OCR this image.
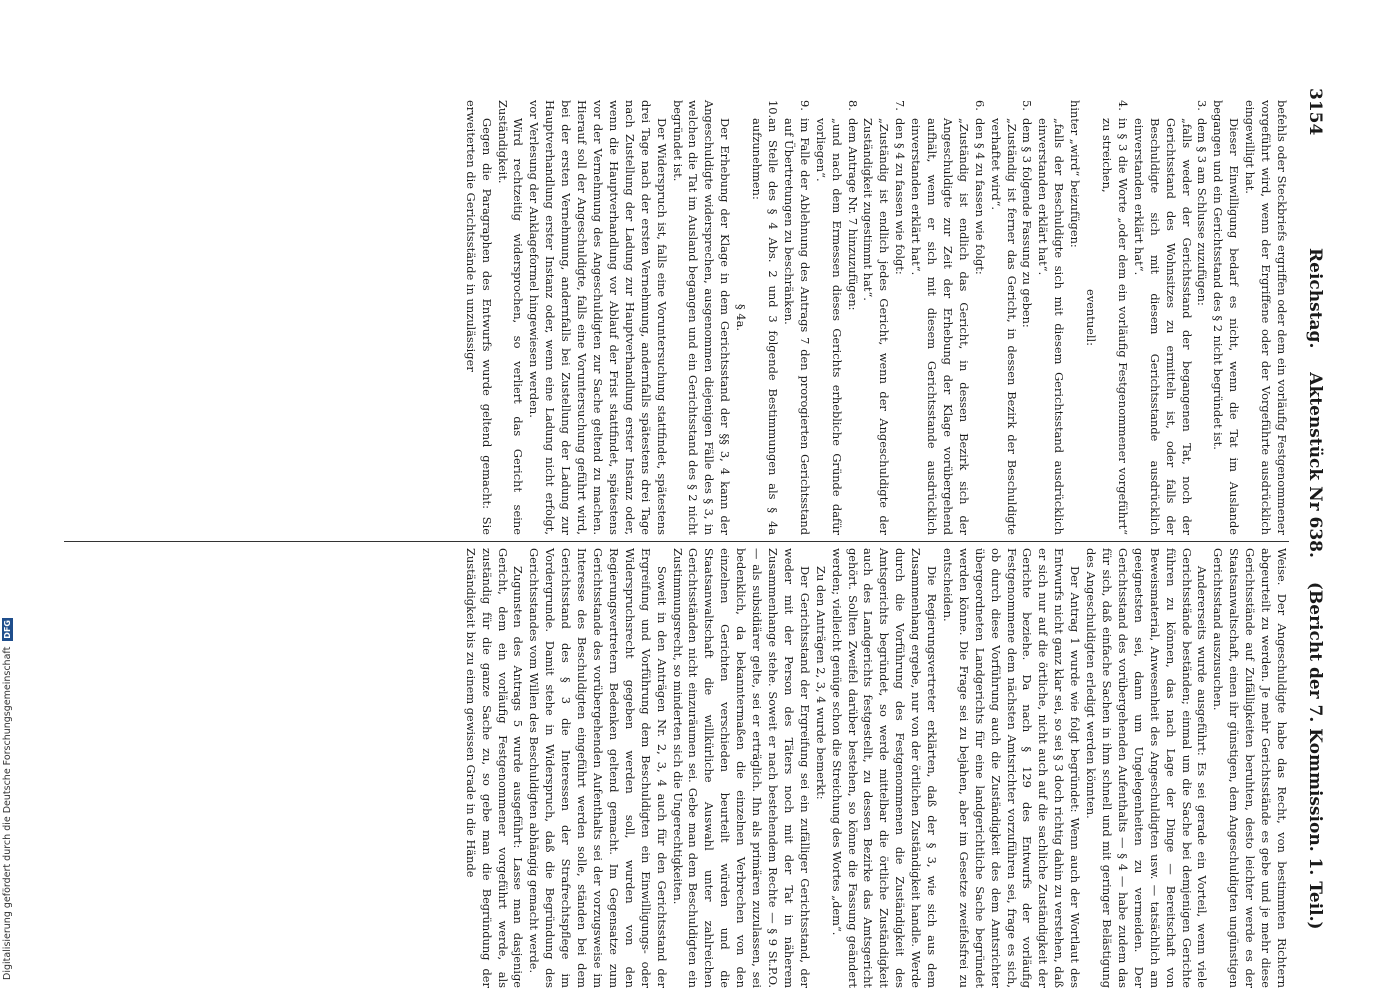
Digitalisierung gefördert durch die Deutsche ForschungsgemeinschaftDFG
3154
Reichstag. Aktenstück Nr 638. (Bericht der 7. Kommission. 1. Teil.)

befehls oder Steckbriefs ergriffen oder dem ein vorläufig Festgenommener vorgeführt wird, wenn der Ergriffene oder der Vorgeführte ausdrücklich eingewilligt hat.

Dieser Einwilligung bedarf es nicht, wenn die Tat im Auslande begangen und ein Gerichtsstand des § 2 nicht begründet ist.

3.
dem § 3 am Schlusse zuzufügen:

„falls weder der Gerichtsstand der begangenen Tat, noch der Gerichtsstand des Wohnsitzes zu ermitteln ist, oder falls der Beschuldigte sich mit diesem Gerichtsstande ausdrücklich einverstanden erklärt hat“.

4.
in § 3 die Worte „oder dem ein vorläufig Festgenommener vorgeführt“ zu streichen,

eventuell:

hinter „wird“ beizufügen:

„falls der Beschuldigte sich mit diesem Gerichtsstand ausdrücklich einverstanden erklärt hat“.

5.
dem § 3 folgende Fassung zu geben:

„Zuständig ist ferner das Gericht, in dessen Bezirk der Beschuldigte verhaftet wird“.

6.
den § 4 zu fassen wie folgt:

„Zuständig ist endlich das Gericht, in dessen Bezirk sich der Angeschuldigte zur Zeit der Erhebung der Klage vorübergehend aufhält, wenn er sich mit diesem Gerichtsstande ausdrücklich einverstanden erklärt hat“.

7.
den § 4 zu fassen wie folgt:

„Zuständig ist endlich jedes Gericht, wenn der Angeschuldigte der Zuständigkeit zugestimmt hat“.

8.
dem Antrage Nr. 7 hinzuzufügen:

„und nach dem Ermessen dieses Gerichts erhebliche Gründe dafür vorliegen“.

9.
im Falle der Ablehnung des Antrags 7 den prorogierten Gerichtsstand auf Übertretungen zu beschränken.

10.
an Stelle des § 4 Abs. 2 und 3 folgende Bestimmungen als § 4a aufzunehmen:

§ 4a.

Der Erhebung der Klage in dem Gerichtsstand der §§ 3, 4 kann der Angeschuldigte widersprechen, ausgenommen diejenigen Fälle des § 3, in welchen die Tat im Ausland begangen und ein Gerichtsstand des § 2 nicht begründet ist.

Der Widerspruch ist, falls eine Voruntersuchung stattfindet, spätestens drei Tage nach der ersten Vernehmung, andernfalls spätestens drei Tage nach Zustellung der Ladung zur Hauptverhandlung erster Instanz oder, wenn die Hauptverhandlung vor Ablauf der Frist stattfindet, spätestens vor der Vernehmung des Angeschuldigten zur Sache geltend zu machen. Hierauf soll der Angeschuldigte, falls eine Voruntersuchung geführt wird, bei der ersten Vernehmung, andernfalls bei Zustellung der Ladung zur Hauptverhandlung erster Instanz oder, wenn eine Ladung nicht erfolgt, vor Verlesung der Anklageformel hingewiesen werden.

Wird rechtzeitig widersprochen, so verliert das Gericht seine Zuständigkeit.

Gegen die Paragraphen des Entwurfs wurde geltend gemacht: Sie erweiterten die Gerichtsstände in unzulässiger

Weise. Der Angeschuldigte habe das Recht, von bestimmten Richtern abgeurteilt zu werden. Je mehr Gerichtsstände es gebe und je mehr diese Gerichtsstände auf Zufälligkeiten beruhten, desto leichter werde es der Staatsanwaltschaft, einen ihr günstigen, dem Angeschuldigten ungünstigen Gerichtsstand auszusuchen.

Andererseits wurde ausgeführt: Es sei gerade ein Vorteil, wenn viele Gerichtsstände beständen; einmal um die Sache bei demjenigen Gerichte führen zu können, das nach Lage der Dinge — Bereitschaft von Beweismaterial, Anwesenheit des Angeschuldigten usw. — tatsächlich am geeignetsten sei, dann um Ungelegenheiten zu vermeiden. Der Gerichtsstand des vorübergehenden Aufenthalts — § 4 — habe zudem das für sich, daß einfache Sachen in ihm schnell und mit geringer Belästigung des Angeschuldigten erledigt werden könnten.

Der Antrag 1 wurde wie folgt begründet: Wenn auch der Wortlaut des Entwurfs nicht ganz klar sei, so sei § 3 doch richtig dahin zu verstehen, daß er sich nur auf die örtliche, nicht auch auf die sachliche Zuständigkeit der Gerichte beziehe. Da nach § 129 des Entwurfs der vorläufig Festgenommene dem nächsten Amtsrichter vorzuführen sei, frage es sich, ob durch diese Vorführung auch die Zuständigkeit des dem Amtsrichter übergeordneten Landgerichts für eine landgerichtliche Sache begründet werden könne. Die Frage sei zu bejahen, aber im Gesetze zweifelsfrei zu entscheiden.

Die Regierungsvertreter erklärten, daß der § 3, wie sich aus dem Zusammenhang ergebe, nur von der örtlichen Zuständigkeit handle. Werde durch die Vorführung des Festgenommenen die Zuständigkeit des Amtsgerichts begründet, so werde mittelbar die örtliche Zuständigkeit auch des Landgerichts festgestellt, zu dessen Bezirke das Amtsgericht gehört. Sollten Zweifel darüber bestehen, so könne die Fassung geändert werden; vielleicht genüge schon die Streichung des Wortes „dem“.

Zu den Anträgen 2, 3, 4 wurde bemerkt:

Der Gerichtsstand der Ergreifung sei ein zufälliger Gerichtsstand, der weder mit der Person des Täters noch mit der Tat in näherem Zusammenhange stehe. Soweit er nach bestehendem Rechte — § 9 St.P.O. — als subsidiärer gelte, sei er erträglich. Ihn als primären zuzulassen, sei bedenklich, da bekanntermaßen die einzelnen Verbrechen von den einzelnen Gerichten verschieden beurteilt würden und die Staatsanwaltschaft die willkürliche Auswahl unter zahlreichen Gerichtsständen nicht einzuräumen sei. Gebe man dem Beschuldigten ein Zustimmungsrecht, so minderten sich die Ungerechtigkeiten.

Soweit in den Anträgen Nr. 2, 3, 4 auch für den Gerichtsstand der Ergreifung und Vorführung dem Beschuldigten ein Einwilligungs- oder Widerspruchsrecht gegeben werden soll, wurden von den Regierungsvertretern Bedenken geltend gemacht. Im Gegensatze zum Gerichtsstande des vorübergehenden Aufenthalts sei der vorzugsweise im Interesse des Beschuldigten eingeführt werden solle, ständen bei dem Gerichtsstand des § 3 die Interessen der Strafrechtspflege im Vordergrunde. Damit stehe in Widerspruch, daß die Begründung des Gerichtsstandes vom Willen des Beschuldigten abhängig gemacht werde.

Zugunsten des Antrags 5 wurde ausgeführt: Lasse man dasjenige Gericht, dem ein vorläufig Festgenommener vorgeführt werde, als zuständig für die ganze Sache zu, so gebe man die Begründung der Zuständigkeit bis zu einem gewissen Grade in die Hände
